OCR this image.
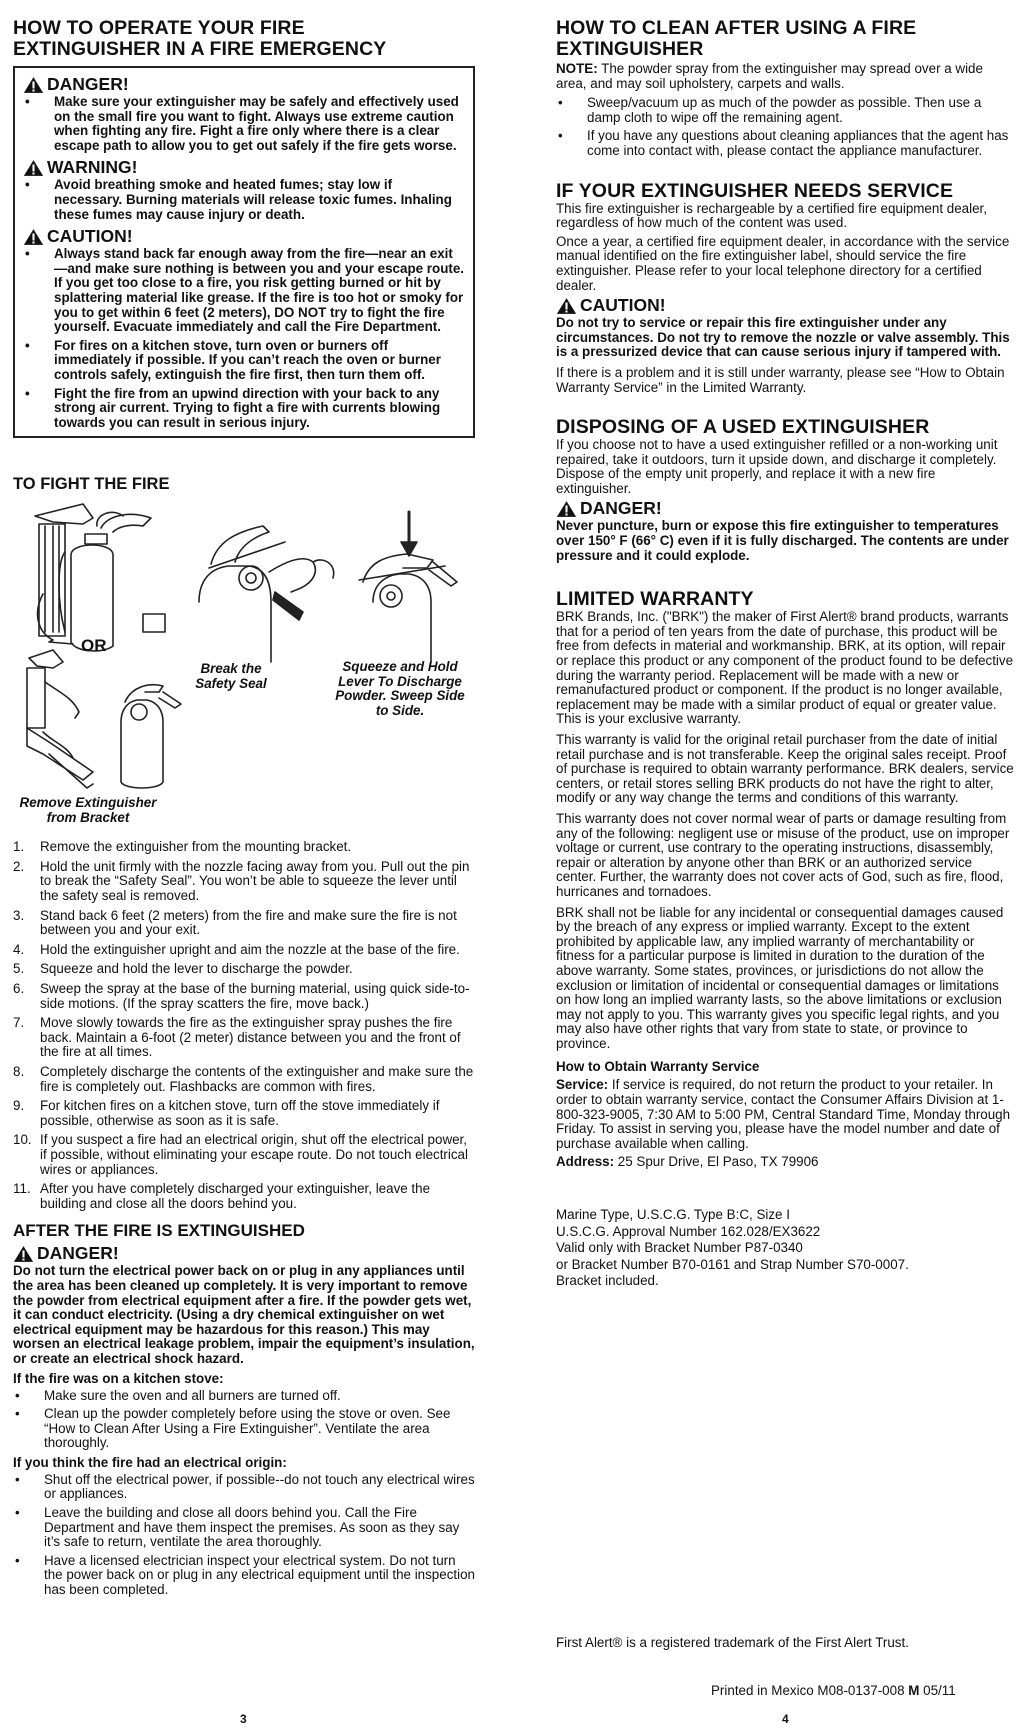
HOW TO OPERATE YOUR FIRE
EXTINGUISHER IN A FIRE EMERGENCY
DANGER!
• Make sure your extinguisher may be safely and effectively used on the small fire you want to fight. Always use extreme caution when fighting any fire. Fight a fire only where there is a clear escape path to allow you to get out safely if the fire gets worse.
WARNING!
• Avoid breathing smoke and heated fumes; stay low if necessary. Burning materials will release toxic fumes. Inhaling these fumes may cause injury or death.
CAUTION!
• Always stand back far enough away from the fire—near an exit—and make sure nothing is between you and your escape route. If you get too close to a fire, you risk getting burned or hit by splattering material like grease. If the fire is too hot or smoky for you to get within 6 feet (2 meters), DO NOT try to fight the fire yourself. Evacuate immediately and call the Fire Department.
• For fires on a kitchen stove, turn oven or burners off immediately if possible. If you can’t reach the oven or burner controls safely, extinguish the fire first, then turn them off.
• Fight the fire from an upwind direction with your back to any strong air current. Trying to fight a fire with currents blowing towards you can result in serious injury.
TO FIGHT THE FIRE
OR
Break the Safety Seal
Squeeze and Hold Lever To Discharge Powder. Sweep Side to Side.
Remove Extinguisher from Bracket
1. Remove the extinguisher from the mounting bracket.
2. Hold the unit firmly with the nozzle facing away from you. Pull out the pin to break the “Safety Seal”. You won’t be able to squeeze the lever until the safety seal is removed.
3. Stand back 6 feet (2 meters) from the fire and make sure the fire is not between you and your exit.
4. Hold the extinguisher upright and aim the nozzle at the base of the fire.
5. Squeeze and hold the lever to discharge the powder.
6. Sweep the spray at the base of the burning material, using quick side-to-side motions. (If the spray scatters the fire, move back.)
7. Move slowly towards the fire as the extinguisher spray pushes the fire back. Maintain a 6-foot (2 meter) distance between you and the front of the fire at all times.
8. Completely discharge the contents of the extinguisher and make sure the fire is completely out. Flashbacks are common with fires.
9. For kitchen fires on a kitchen stove, turn off the stove immediately if possible, otherwise as soon as it is safe.
10. If you suspect a fire had an electrical origin, shut off the electrical power, if possible, without eliminating your escape route. Do not touch electrical wires or appliances.
11. After you have completely discharged your extinguisher, leave the building and close all the doors behind you.
AFTER THE FIRE IS EXTINGUISHED
DANGER!

Do not turn the electrical power back on or plug in any appliances until the area has been cleaned up completely. It is very important to remove the powder from electrical equipment after a fire. If the powder gets wet, it can conduct electricity. (Using a dry chemical extinguisher on wet electrical equipment may be hazardous for this reason.) This may worsen an electrical leakage problem, impair the equipment’s insulation, or create an electrical shock hazard.

If the fire was on a kitchen stove:
• Make sure the oven and all burners are turned off.
• Clean up the powder completely before using the stove or oven. See “How to Clean After Using a Fire Extinguisher”. Ventilate the area thoroughly.
If you think the fire had an electrical origin:
• Shut off the electrical power, if possible--do not touch any electrical wires or appliances.
• Leave the building and close all doors behind you. Call the Fire Department and have them inspect the premises. As soon as they say it’s safe to return, ventilate the area thoroughly.
• Have a licensed electrician inspect your electrical system. Do not turn the power back on or plug in any electrical equipment until the inspection has been completed.
HOW TO CLEAN AFTER USING A FIRE
EXTINGUISHER

NOTE: The powder spray from the extinguisher may spread over a wide area, and may soil upholstery, carpets and walls.

• Sweep/vacuum up as much of the powder as possible. Then use a damp cloth to wipe off the remaining agent.
• If you have any questions about cleaning appliances that the agent has come into contact with, please contact the appliance manufacturer.
IF YOUR EXTINGUISHER NEEDS SERVICE

This fire extinguisher is rechargeable by a certified fire equipment dealer, regardless of how much of the content was used.

Once a year, a certified fire equipment dealer, in accordance with the service manual identified on the fire extinguisher label, should service the fire extinguisher. Please refer to your local telephone directory for a certified dealer.

CAUTION!

Do not try to service or repair this fire extinguisher under any circumstances. Do not try to remove the nozzle or valve assembly. This is a pressurized device that can cause serious injury if tampered with.

If there is a problem and it is still under warranty, please see “How to Obtain Warranty Service” in the Limited Warranty.

DISPOSING OF A USED EXTINGUISHER

If you choose not to have a used extinguisher refilled or a non-working unit repaired, take it outdoors, turn it upside down, and discharge it completely. Dispose of the empty unit properly, and replace it with a new fire extinguisher.

DANGER!

Never puncture, burn or expose this fire extinguisher to temperatures over 150° F (66° C) even if it is fully discharged. The contents are under pressure and it could explode.

LIMITED WARRANTY

BRK Brands, Inc. ("BRK") the maker of First Alert® brand products, warrants that for a period of ten years from the date of purchase, this product will be free from defects in material and workmanship. BRK, at its option, will repair or replace this product or any component of the product found to be defective during the warranty period. Replacement will be made with a new or remanufactured product or component. If the product is no longer available, replacement may be made with a similar product of equal or greater value. This is your exclusive warranty.

This warranty is valid for the original retail purchaser from the date of initial retail purchase and is not transferable. Keep the original sales receipt. Proof of purchase is required to obtain warranty performance. BRK dealers, service centers, or retail stores selling BRK products do not have the right to alter, modify or any way change the terms and conditions of this warranty.

This warranty does not cover normal wear of parts or damage resulting from any of the following: negligent use or misuse of the product, use on improper voltage or current, use contrary to the operating instructions, disassembly, repair or alteration by anyone other than BRK or an authorized service center. Further, the warranty does not cover acts of God, such as fire, flood, hurricanes and tornadoes.

BRK shall not be liable for any incidental or consequential damages caused by the breach of any express or implied warranty. Except to the extent prohibited by applicable law, any implied warranty of merchantability or fitness for a particular purpose is limited in duration to the duration of the above warranty. Some states, provinces, or jurisdictions do not allow the exclusion or limitation of incidental or consequential damages or limitations on how long an implied warranty lasts, so the above limitations or exclusion may not apply to you. This warranty gives you specific legal rights, and you may also have other rights that vary from state to state, or province to province.

How to Obtain Warranty Service

Service: If service is required, do not return the product to your retailer. In order to obtain warranty service, contact the Consumer Affairs Division at 1-800-323-9005, 7:30 AM to 5:00 PM, Central Standard Time, Monday through Friday. To assist in serving you, please have the model number and date of purchase available when calling.

Address: 25 Spur Drive, El Paso, TX 79906

Marine Type, U.S.C.G. Type B:C, Size I

U.S.C.G. Approval Number 162.028/EX3622

Valid only with Bracket Number P87-0340

or Bracket Number B70-0161 and Strap Number S70-0007.

Bracket included.

First Alert® is a registered trademark of the First Alert Trust.

Printed in Mexico M08-0137-008 M 05/11

3	4
